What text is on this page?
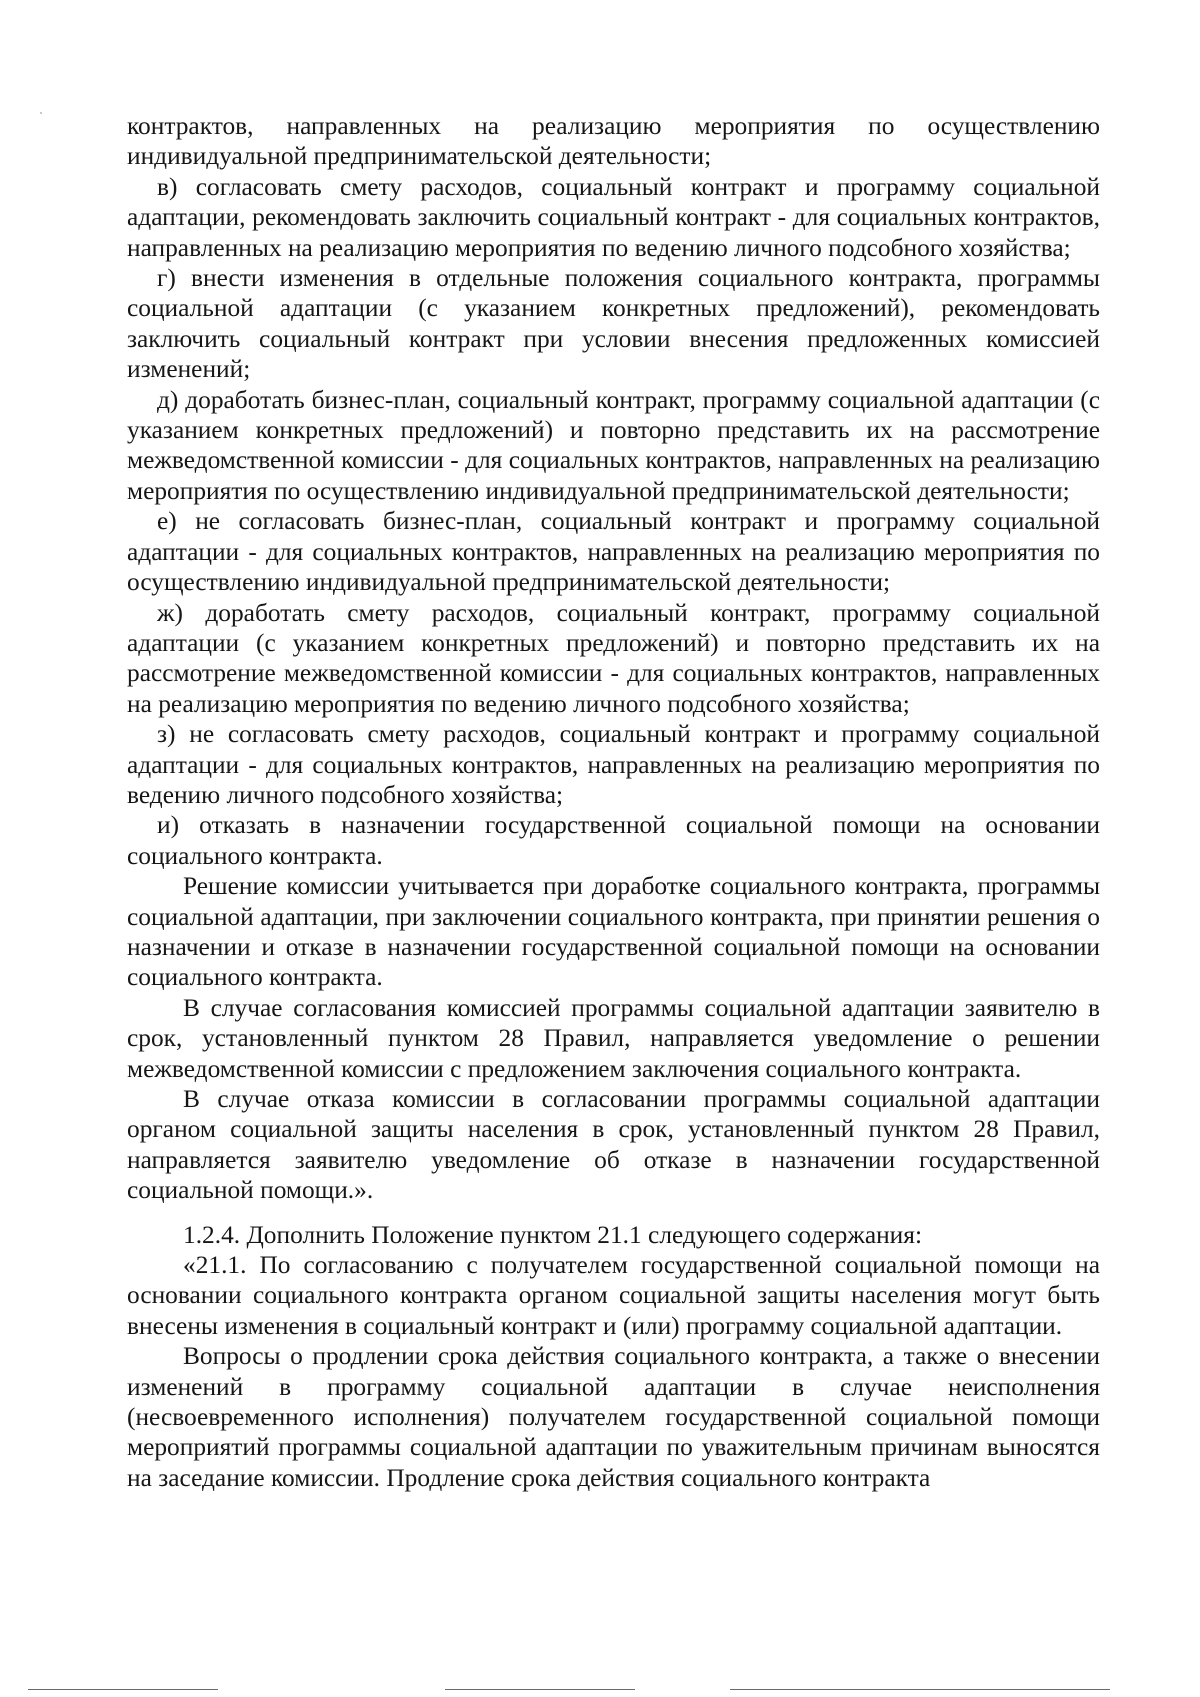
контрактов, направленных на реализацию мероприятия по осуществлению индивидуальной предпринимательской деятельности;

в) согласовать смету расходов, социальный контракт и программу социальной адаптации, рекомендовать заключить социальный контракт - для социальных контрактов, направленных на реализацию мероприятия по ведению личного подсобного хозяйства;

г) внести изменения в отдельные положения социального контракта, программы социальной адаптации (с указанием конкретных предложений), рекомендовать заключить социальный контракт при условии внесения предложенных комиссией изменений;

д) доработать бизнес-план, социальный контракт, программу социальной адаптации (с указанием конкретных предложений) и повторно представить их на рассмотрение межведомственной комиссии - для социальных контрактов, направленных на реализацию мероприятия по осуществлению индивидуальной предпринимательской деятельности;

е) не согласовать бизнес-план, социальный контракт и программу социальной адаптации - для социальных контрактов, направленных на реализацию мероприятия по осуществлению индивидуальной предпринимательской деятельности;

ж) доработать смету расходов, социальный контракт, программу социальной адаптации (с указанием конкретных предложений) и повторно представить их на рассмотрение межведомственной комиссии - для социальных контрактов, направленных на реализацию мероприятия по ведению личного подсобного хозяйства;

з) не согласовать смету расходов, социальный контракт и программу социальной адаптации - для социальных контрактов, направленных на реализацию мероприятия по ведению личного подсобного хозяйства;

и) отказать в назначении государственной социальной помощи на основании социального контракта.

Решение комиссии учитывается при доработке социального контракта, программы социальной адаптации, при заключении социального контракта, при принятии решения о назначении и отказе в назначении государственной социальной помощи на основании социального контракта.

В случае согласования комиссией программы социальной адаптации заявителю в срок, установленный пунктом 28 Правил, направляется уведомление о решении межведомственной комиссии с предложением заключения социального контракта.

В случае отказа комиссии в согласовании программы социальной адаптации органом социальной защиты населения в срок, установленный пунктом 28 Правил, направляется заявителю уведомление об отказе в назначении государственной социальной помощи.».

1.2.4. Дополнить Положение пунктом 21.1 следующего содержания:

«21.1. По согласованию с получателем государственной социальной помощи на основании социального контракта органом социальной защиты населения могут быть внесены изменения в социальный контракт и (или) программу социальной адаптации.

Вопросы о продлении срока действия социального контракта, а также о внесении изменений в программу социальной адаптации в случае неисполнения (несвоевременного исполнения) получателем государственной социальной помощи мероприятий программы социальной адаптации по уважительным причинам выносятся на заседание комиссии. Продление срока действия социального контракта
